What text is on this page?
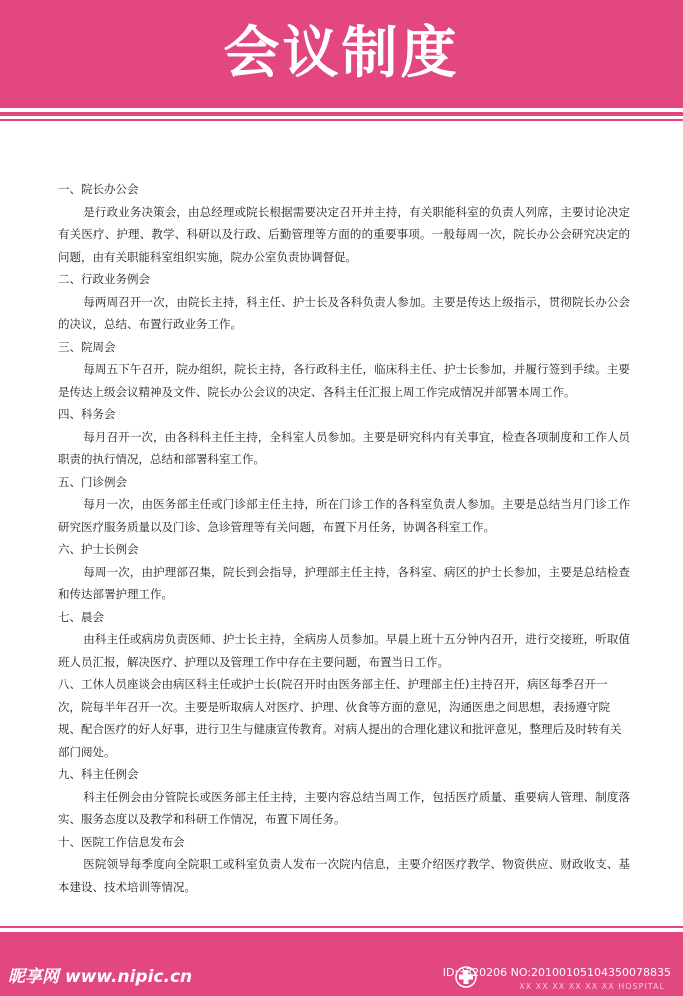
会议制度

一、院长办公会

是行政业务决策会，由总经理或院长根据需要决定召开并主持，有关职能科室的负责人列席，主要讨论决定有关医疗、护理、教学、科研以及行政、后勤管理等方面的的重要事项。一般每周一次，院长办公会研究决定的问题，由有关职能科室组织实施，院办公室负责协调督促。

二、行政业务例会

每两周召开一次，由院长主持，科主任、护士长及各科负责人参加。主要是传达上级指示，贯彻院长办公会的决议，总结、布置行政业务工作。

三、院周会

每周五下午召开，院办组织，院长主持，各行政科主任，临床科主任、护士长参加，并履行签到手续。主要是传达上级会议精神及文件、院长办公会议的决定、各科主任汇报上周工作完成情况并部署本周工作。

四、科务会

每月召开一次，由各科科主任主持，全科室人员参加。主要是研究科内有关事宜，检查各项制度和工作人员职责的执行情况，总结和部署科室工作。

五、门诊例会

每月一次，由医务部主任或门诊部主任主持，所在门诊工作的各科室负责人参加。主要是总结当月门诊工作研究医疗服务质量以及门诊、急诊管理等有关问题，布置下月任务，协调各科室工作。

六、护士长例会

每周一次，由护理部召集，院长到会指导，护理部主任主持，各科室、病区的护士长参加，主要是总结检查和传达部署护理工作。

七、晨会

由科主任或病房负责医师、护士长主持，全病房人员参加。早晨上班十五分钟内召开，进行交接班，听取值班人员汇报，解决医疗、护理以及管理工作中存在主要问题，布置当日工作。

八、工休人员座谈会由病区科主任或护士长(院召开时由医务部主任、护理部主任)主持召开，病区每季召开一次，院每半年召开一次。主要是听取病人对医疗、护理、伙食等方面的意见，沟通医患之间思想，表扬遵守院规、配合医疗的好人好事，进行卫生与健康宣传教育。对病人提出的合理化建议和批评意见，整理后及时转有关部门阅处。

九、科主任例会

科主任例会由分管院长或医务部主任主持，主要内容总结当周工作，包括医疗质量、重要病人管理、制度落实、服务态度以及教学和科研工作情况，布置下周任务。

十、医院工作信息发布会

医院领导每季度向全院职工或科室负责人发布一次院内信息，主要介绍医疗教学、物资供应、财政收支、基本建设、技术培训等情况。

昵享网 www.nipic.cn	ID:3320206 NO:20100105104350078835
XX XX XX XX XX XX HOSPITAL
